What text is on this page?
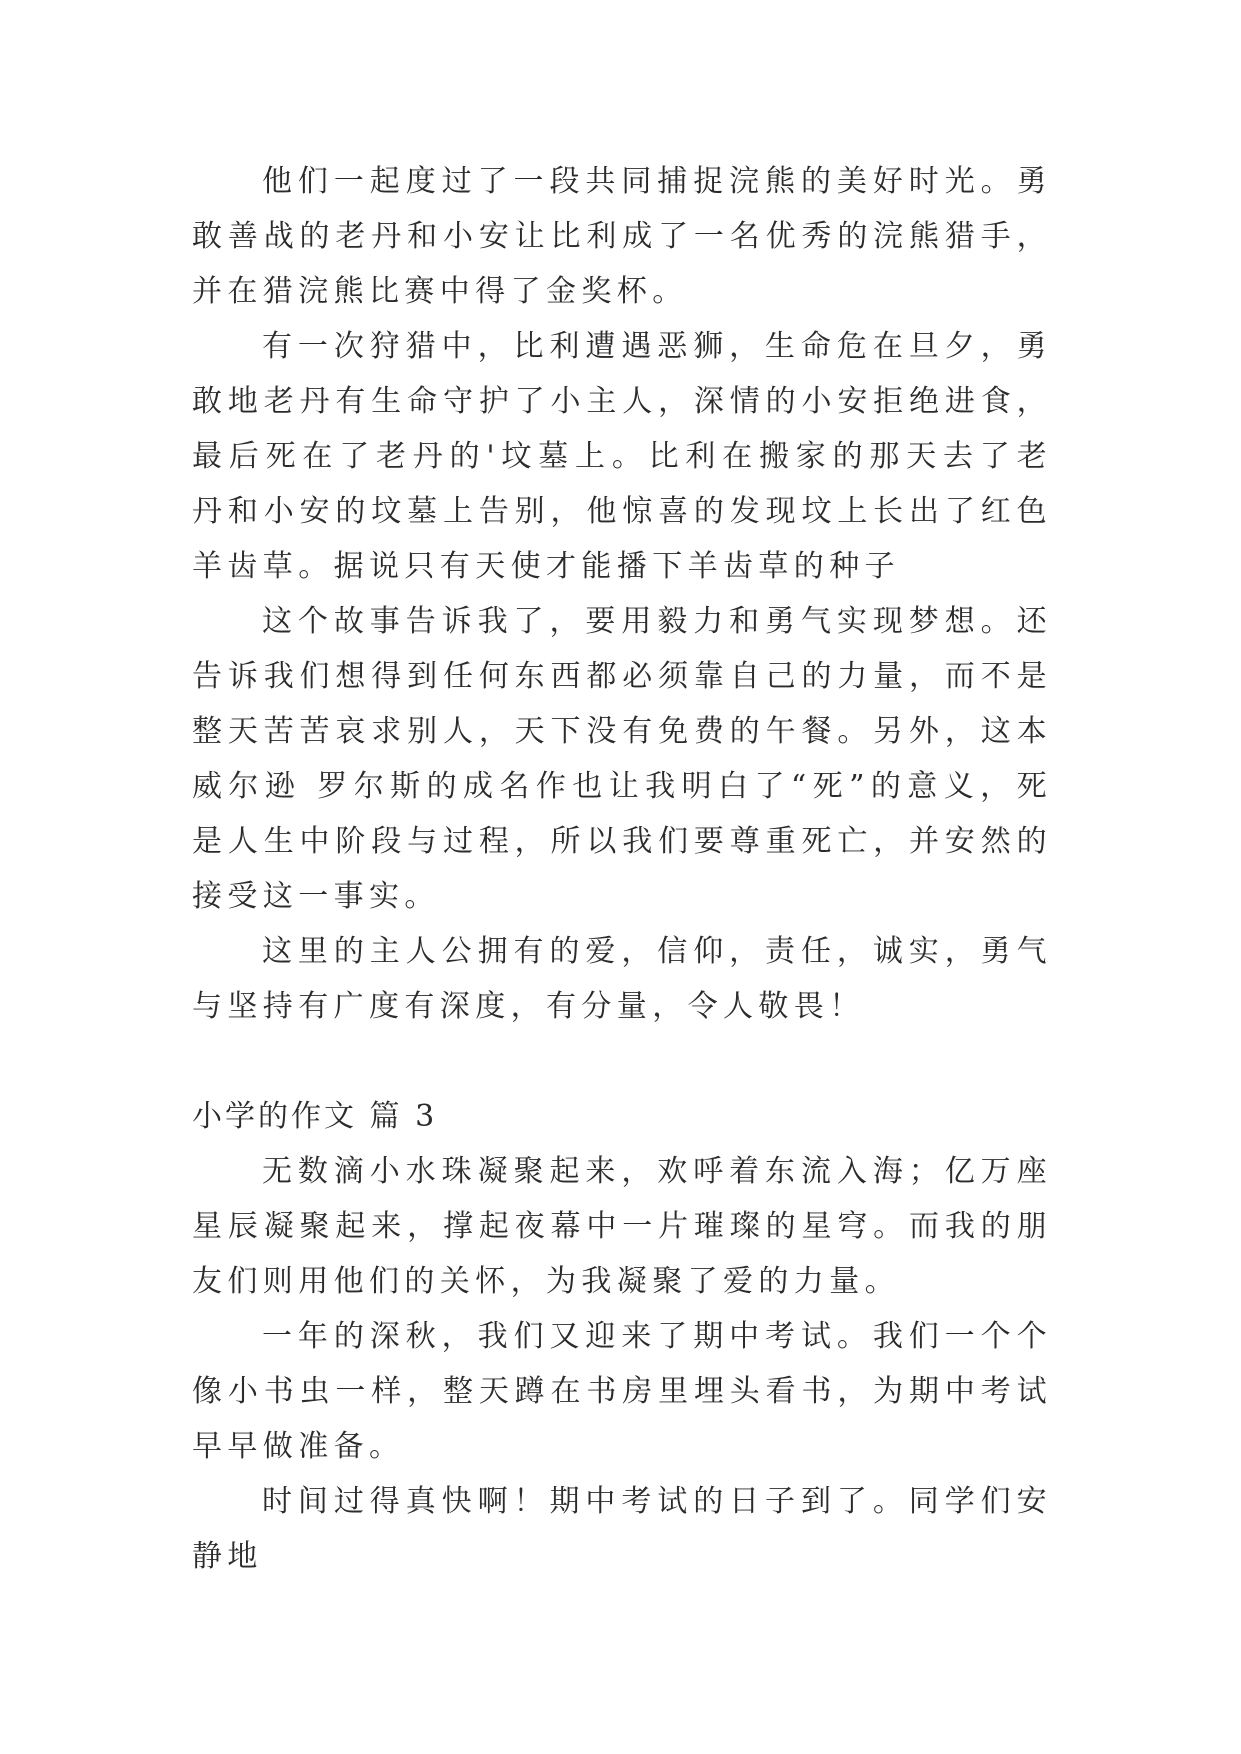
他们一起度过了一段共同捕捉浣熊的美好时光。勇敢善战的老丹和小安让比利成了一名优秀的浣熊猎手，并在猎浣熊比赛中得了金奖杯。

有一次狩猎中，比利遭遇恶狮，生命危在旦夕，勇敢地老丹有生命守护了小主人，深情的小安拒绝进食，最后死在了老丹的'坟墓上。比利在搬家的那天去了老丹和小安的坟墓上告别，他惊喜的发现坟上长出了红色羊齿草。据说只有天使才能播下羊齿草的种子

这个故事告诉我了，要用毅力和勇气实现梦想。还告诉我们想得到任何东西都必须靠自己的力量，而不是整天苦苦哀求别人，天下没有免费的午餐。另外，这本威尔逊 罗尔斯的成名作也让我明白了“死”的意义，死是人生中阶段与过程，所以我们要尊重死亡，并安然的接受这一事实。

这里的主人公拥有的爱，信仰，责任，诚实，勇气与坚持有广度有深度，有分量，令人敬畏！

小学的作文 篇 3

无数滴小水珠凝聚起来，欢呼着东流入海；亿万座星辰凝聚起来，撑起夜幕中一片璀璨的星穹。而我的朋友们则用他们的关怀，为我凝聚了爱的力量。

一年的深秋，我们又迎来了期中考试。我们一个个像小书虫一样，整天蹲在书房里埋头看书，为期中考试早早做准备。

时间过得真快啊！期中考试的日子到了。同学们安静地
